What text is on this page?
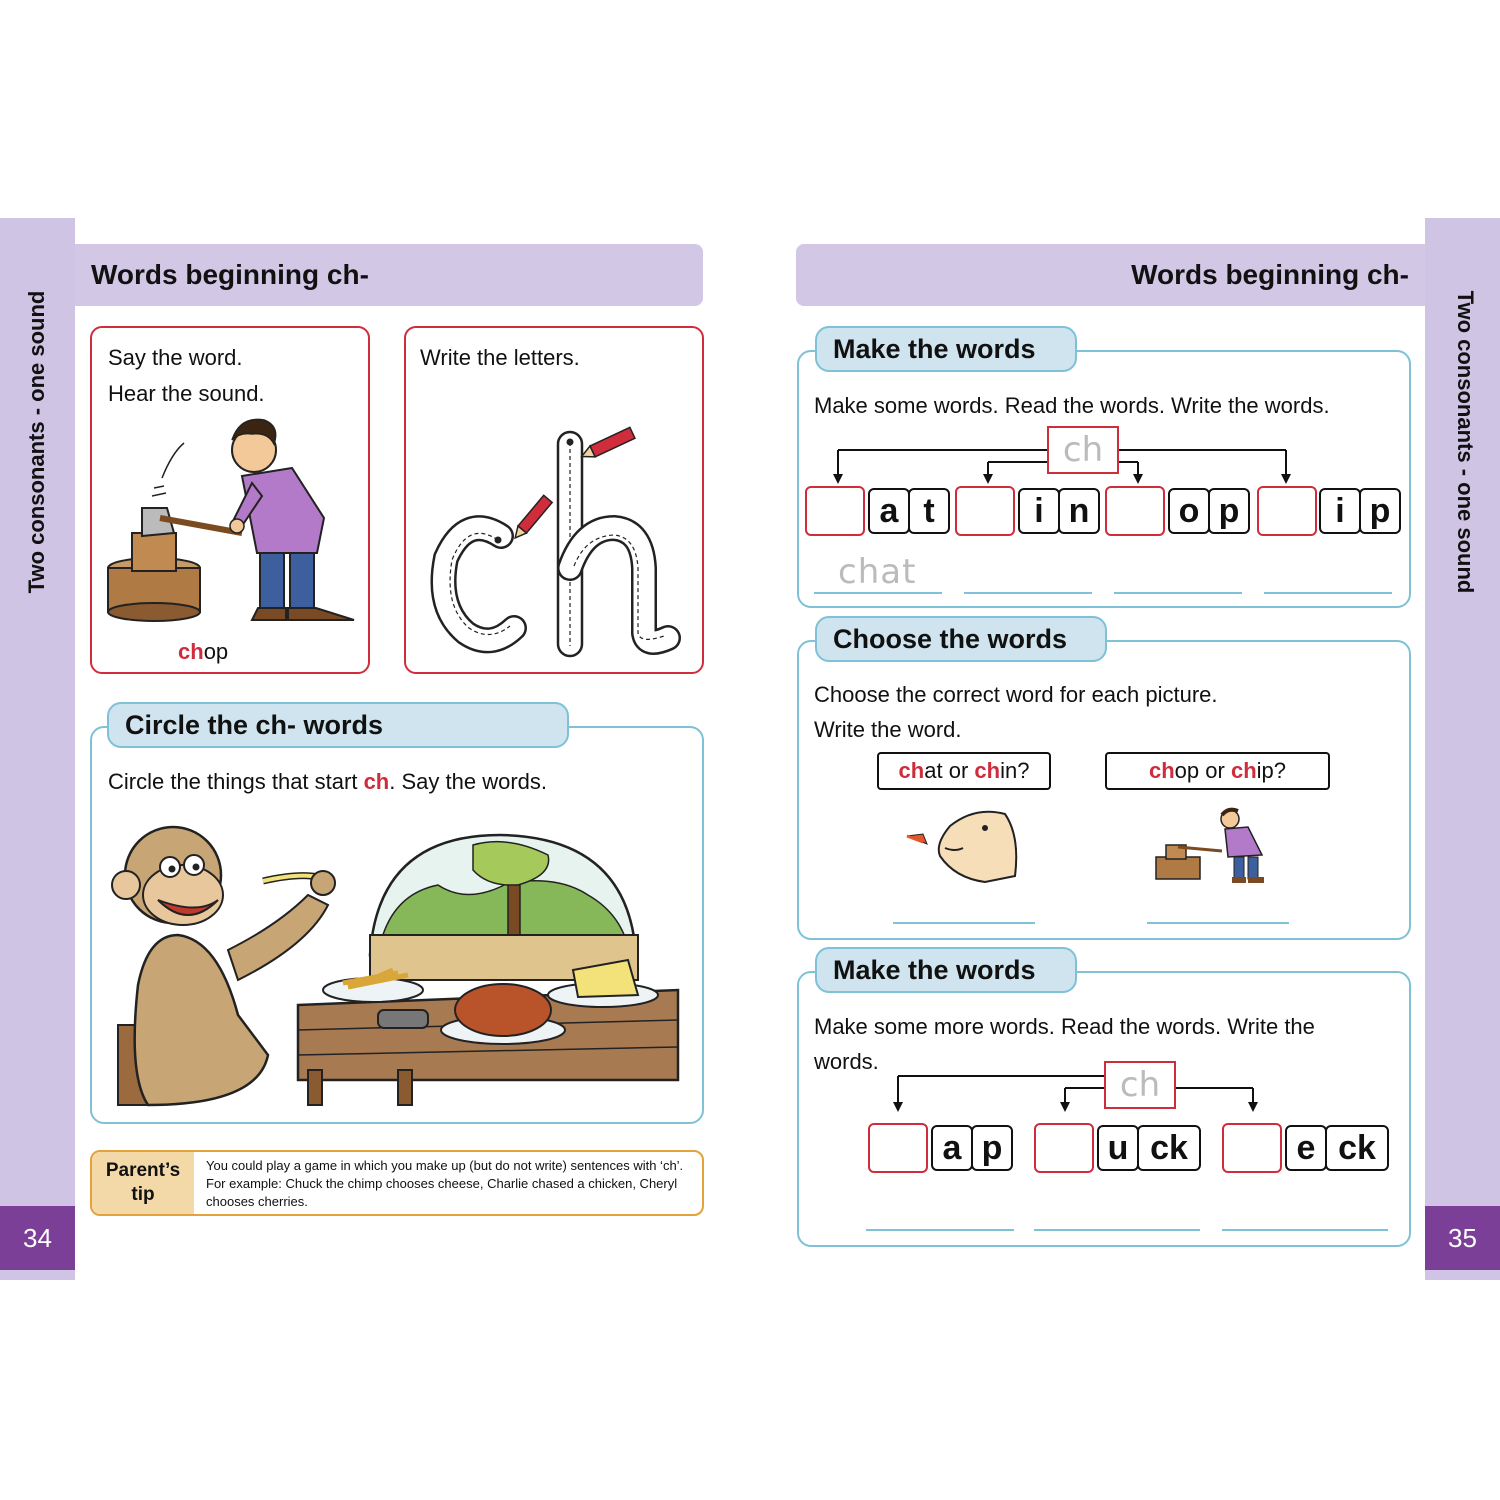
Two consonants - one sound
34
Words beginning ch-
Say the word.
Hear the sound.
chop
Write the letters.
Circle the ch- words
Circle the things that start ch. Say the words.
Parent’s
tip
You could play a game in which you make up (but do not write) sentences with ‘ch’. For example: Chuck the chimp chooses cheese, Charlie chased a chicken, Cheryl chooses cherries.
Two consonants - one sound
35
Words beginning ch-
Make the words
Make some words. Read the words. Write the words.
ch
a t	i n	o p	i p
chat
Choose the words
Choose the correct word for each picture.
Write the word.
ch at or ch in?	ch op or ch ip?
Make the words
Make some more words. Read the words. Write the
words.
ch
a p	u ck	e ck
